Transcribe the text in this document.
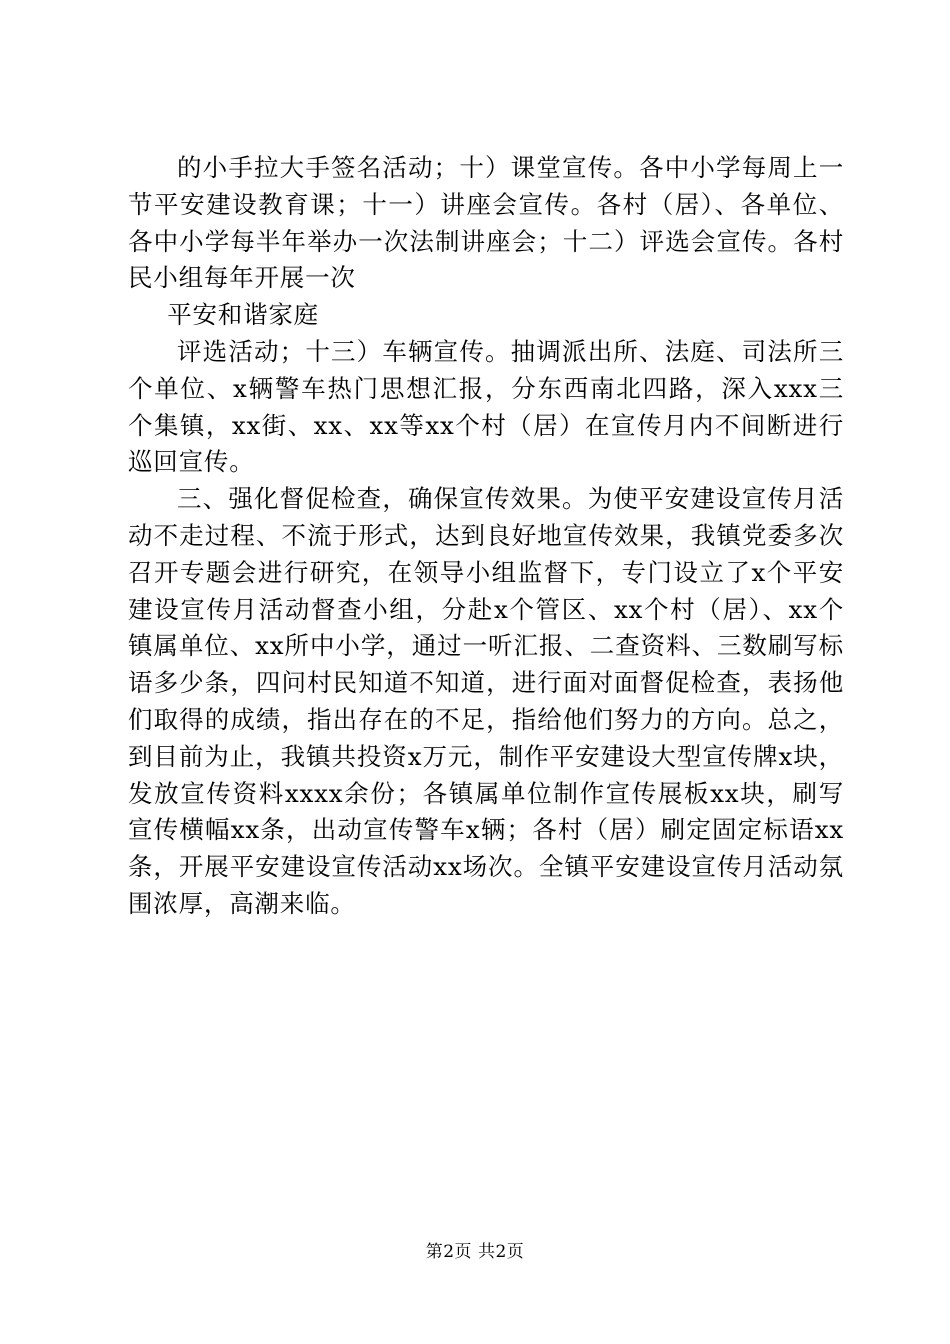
的小手拉大手签名活动；十）课堂宣传。各中小学每周上一节平安建设教育课；十一）讲座会宣传。各村（居）、各单位、各中小学每半年举办一次法制讲座会；十二）评选会宣传。各村民小组每年开展一次

平安和谐家庭

评选活动；十三）车辆宣传。抽调派出所、法庭、司法所三个单位、x辆警车热门思想汇报，分东西南北四路，深入xxx三个集镇，xx街、xx、xx等xx个村（居）在宣传月内不间断进行巡回宣传。

三、强化督促检查，确保宣传效果。为使平安建设宣传月活动不走过程、不流于形式，达到良好地宣传效果，我镇党委多次召开专题会进行研究，在领导小组监督下，专门设立了x个平安建设宣传月活动督查小组，分赴x个管区、xx个村（居）、xx个镇属单位、xx所中小学，通过一听汇报、二查资料、三数刷写标语多少条，四问村民知道不知道，进行面对面督促检查，表扬他们取得的成绩，指出存在的不足，指给他们努力的方向。总之，到目前为止，我镇共投资x万元，制作平安建设大型宣传牌x块，发放宣传资料xxxx余份；各镇属单位制作宣传展板xx块，刷写宣传横幅xx条，出动宣传警车x辆；各村（居）刷定固定标语xx条，开展平安建设宣传活动xx场次。全镇平安建设宣传月活动氛围浓厚，高潮来临。

第2页 共2页
